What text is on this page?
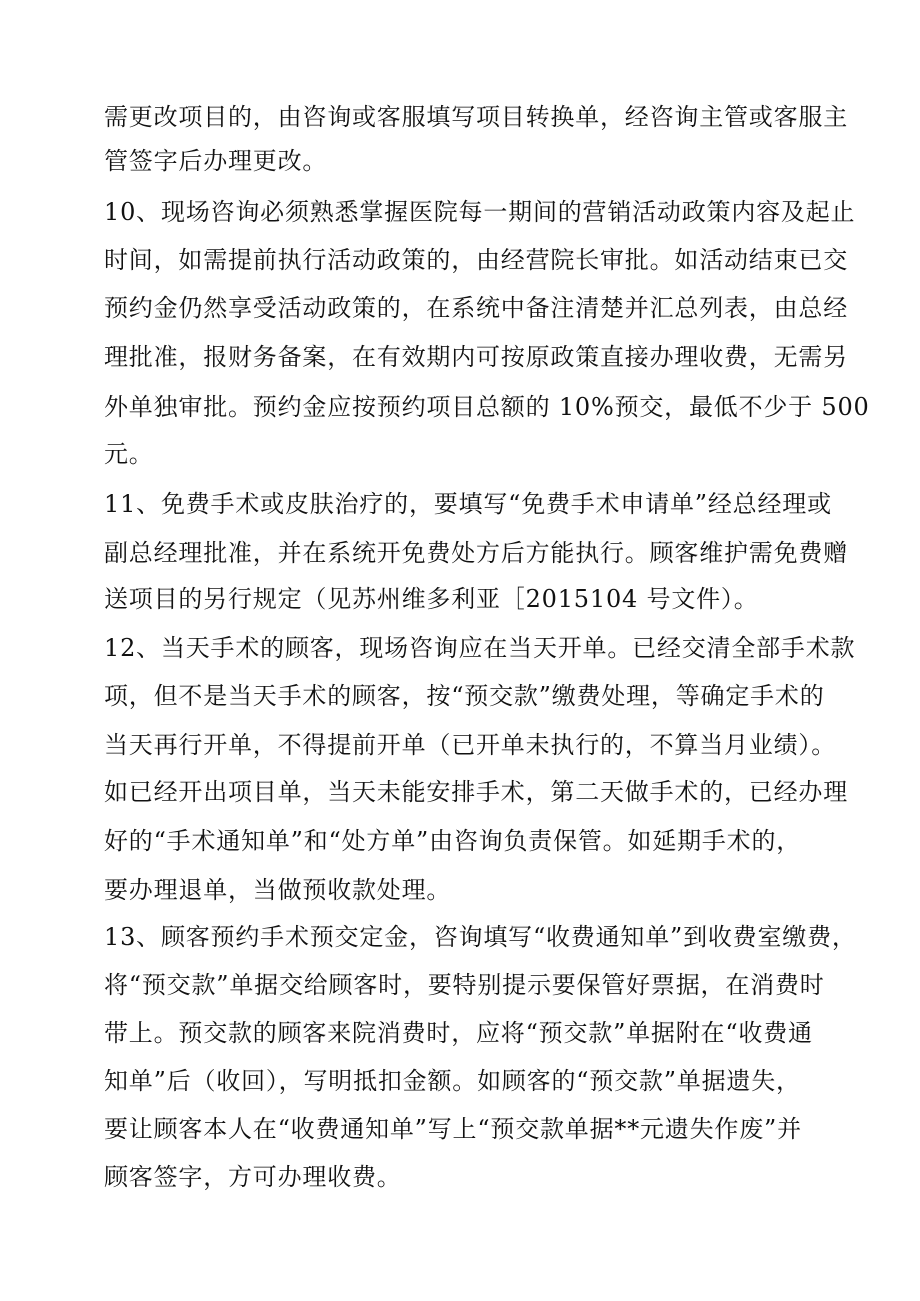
需更改项目的，由咨询或客服填写项目转换单，经咨询主管或客服主
管签字后办理更改。
10、现场咨询必须熟悉掌握医院每一期间的营销活动政策内容及起止
时间，如需提前执行活动政策的，由经营院长审批。如活动结束已交
预约金仍然享受活动政策的，在系统中备注清楚并汇总列表，由总经
理批准，报财务备案，在有效期内可按原政策直接办理收费，无需另
外单独审批。预约金应按预约项目总额的 10%预交，最低不少于 500
元。
11、免费手术或皮肤治疗的，要填写“免费手术申请单”经总经理或
副总经理批准，并在系统开免费处方后方能执行。顾客维护需免费赠
送项目的另行规定（见苏州维多利亚［2015104 号文件）。
12、当天手术的顾客，现场咨询应在当天开单。已经交清全部手术款
项，但不是当天手术的顾客，按“预交款”缴费处理，等确定手术的
当天再行开单，不得提前开单（已开单未执行的，不算当月业绩）。
如已经开出项目单，当天未能安排手术，第二天做手术的，已经办理
好的“手术通知单”和“处方单”由咨询负责保管。如延期手术的，
要办理退单，当做预收款处理。
13、顾客预约手术预交定金，咨询填写“收费通知单”到收费室缴费，
将“预交款”单据交给顾客时，要特别提示要保管好票据，在消费时
带上。预交款的顾客来院消费时，应将“预交款”单据附在“收费通
知单”后（收回），写明抵扣金额。如顾客的“预交款”单据遗失，
要让顾客本人在“收费通知单”写上“预交款单据**元遗失作废”并
顾客签字，方可办理收费。
